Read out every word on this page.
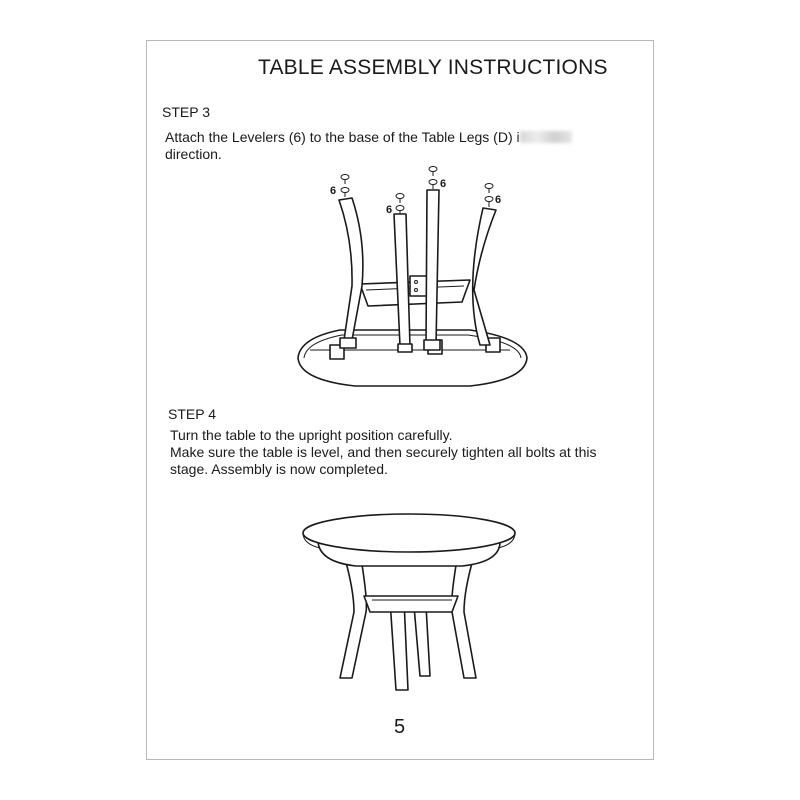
TABLE ASSEMBLY INSTRUCTIONS
STEP 3
Attach the Levelers (6) to the base of the Table Legs (D) i
direction.
6
6
6
6
STEP 4
Turn the table to the upright position carefully.
Make sure the table is level, and then securely tighten all bolts at this
stage. Assembly is now completed.
5
